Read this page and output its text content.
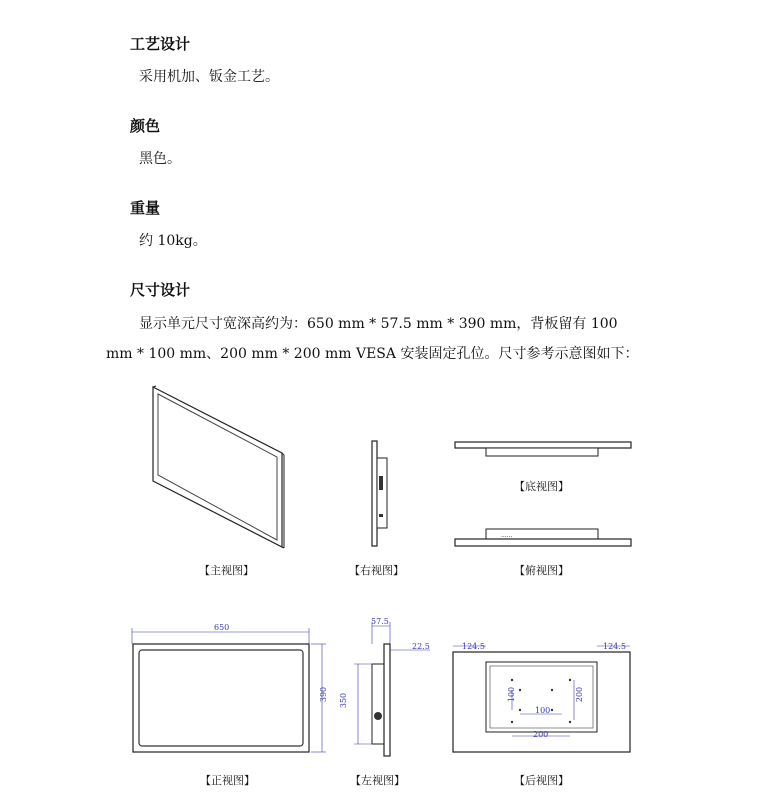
工艺设计
采用机加、钣金工艺。
颜色
黑色。
重量
约 10kg。
尺寸设计
显示单元尺寸宽深高约为：650 mm * 57.5 mm * 390 mm，背板留有 100
mm * 100 mm、200 mm * 200 mm VESA 安装固定孔位。尺寸参考示意图如下：
【主视图】	【右视图】
【底视图】
......
【俯视图】
650
390
【正视图】
57.5
350
22.5
【左视图】
124.5	124.5
100
100
200
200
【后视图】
